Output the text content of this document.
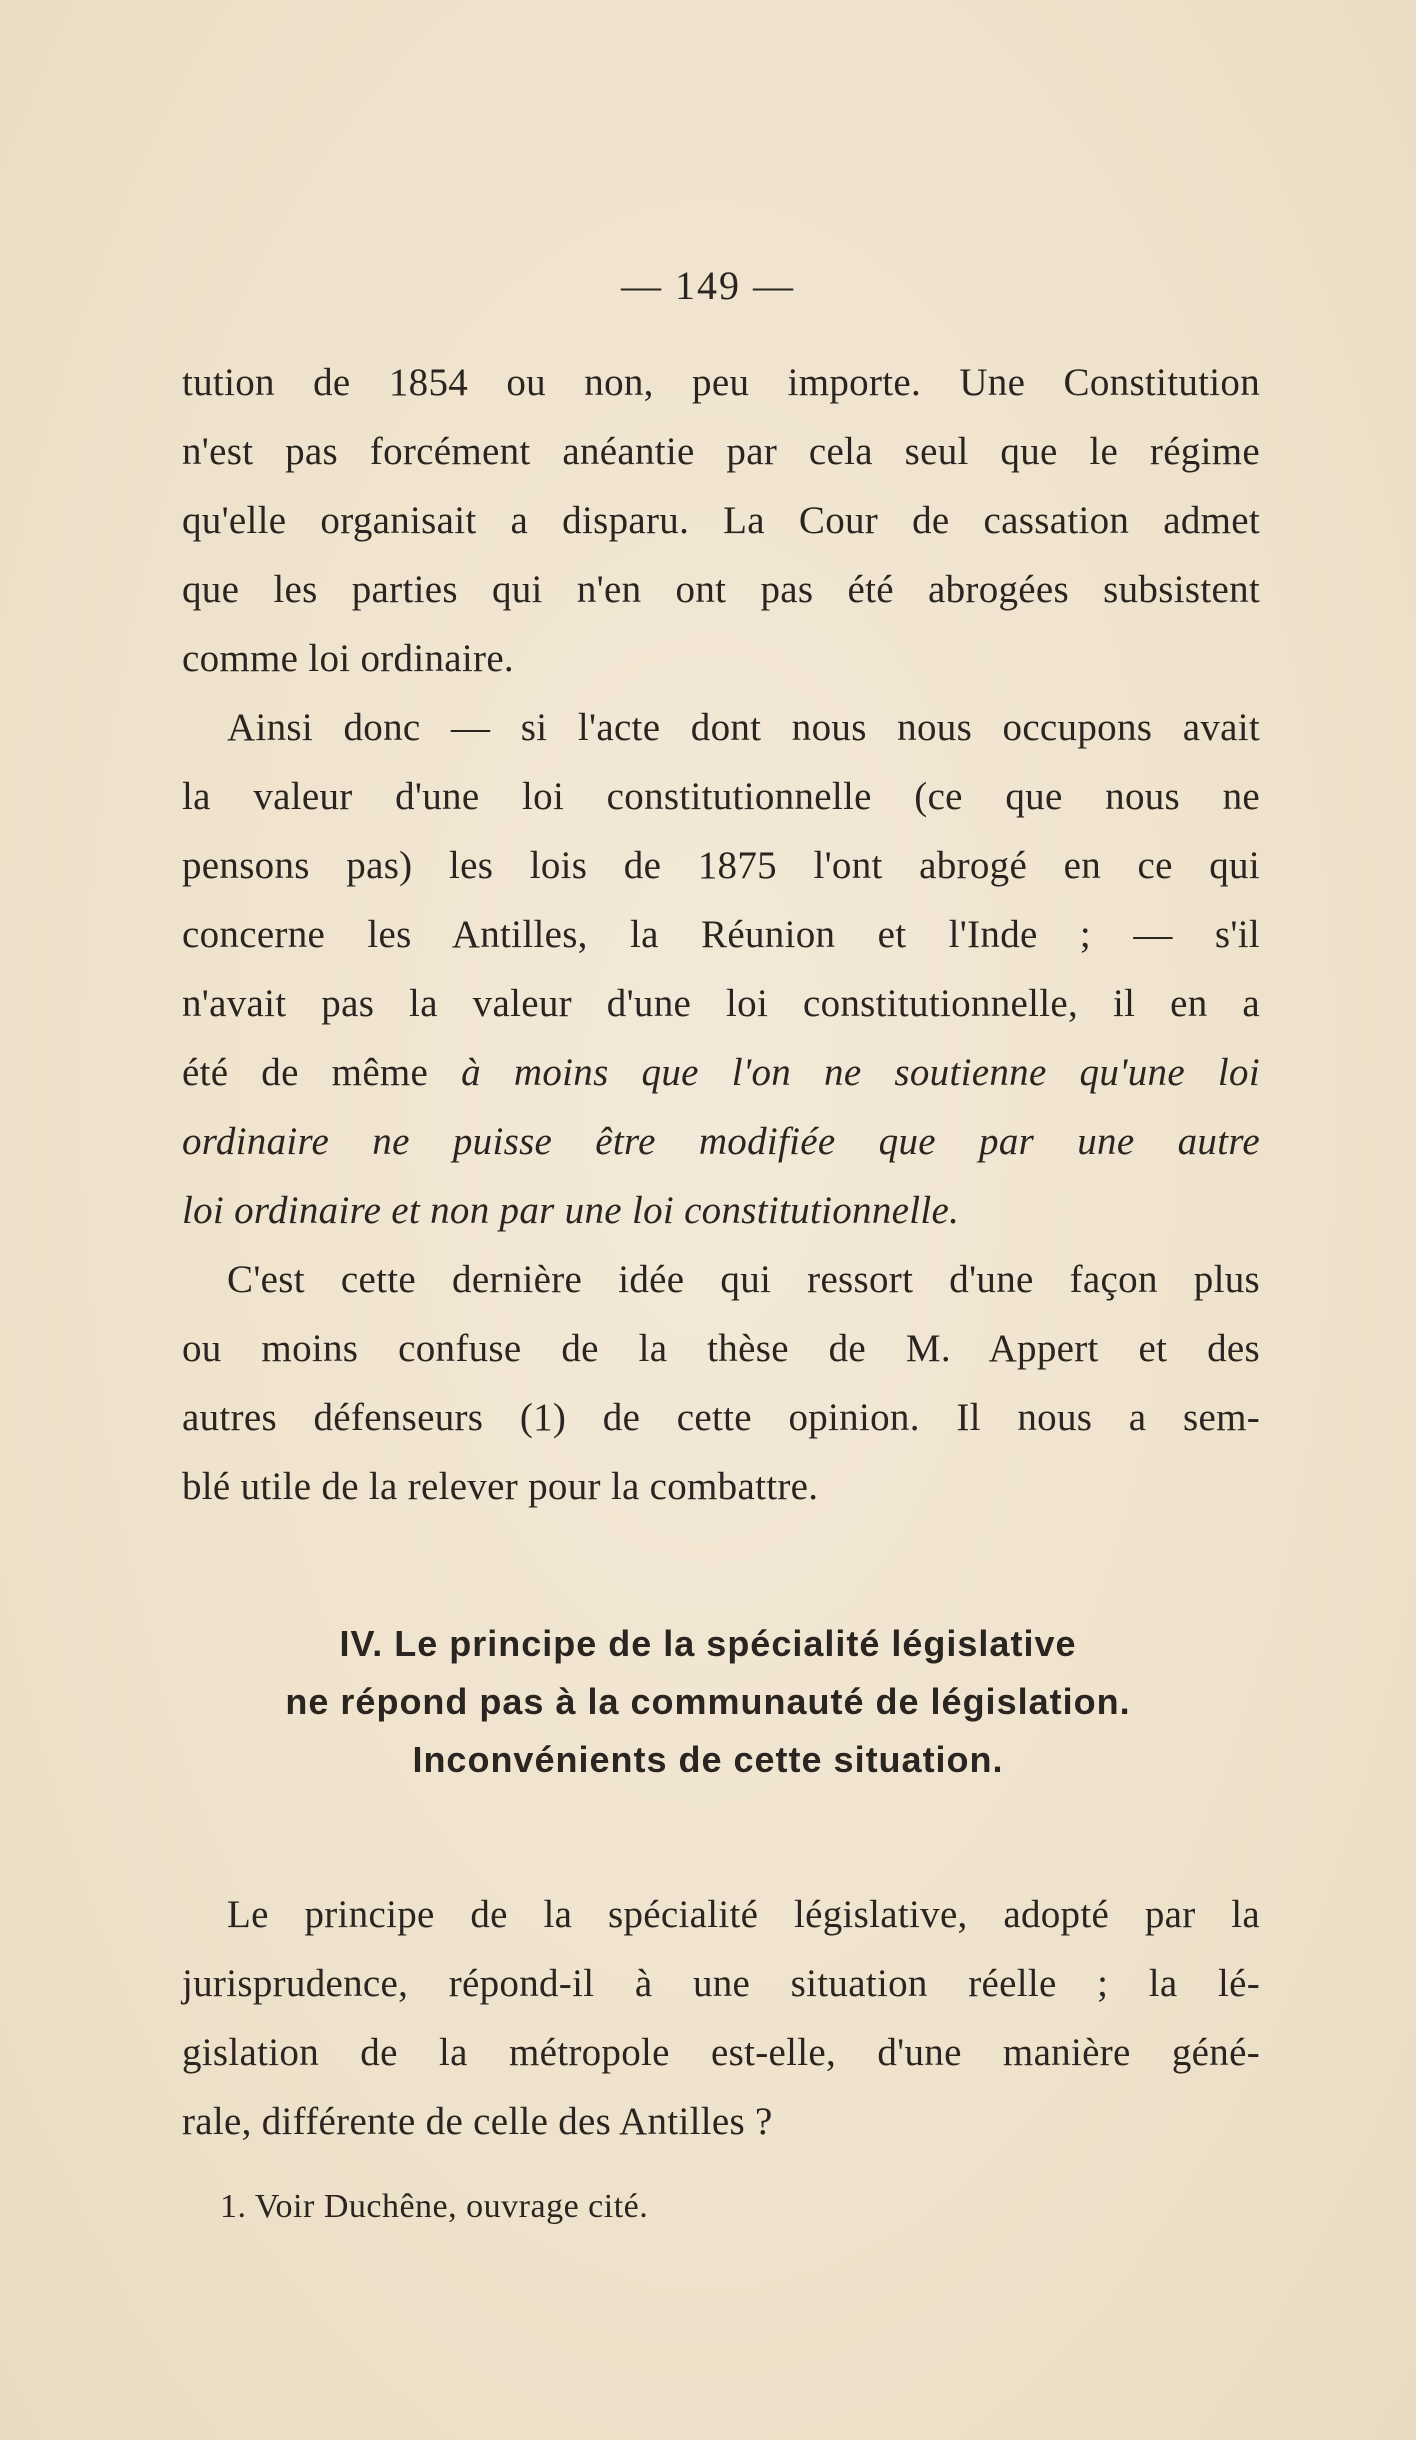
— 149 —
tution de 1854 ou non, peu importe. Une Constitution
n'est pas forcément anéantie par cela seul que le régime
qu'elle organisait a disparu. La Cour de cassation admet
que les parties qui n'en ont pas été abrogées subsistent
comme loi ordinaire.
Ainsi donc — si l'acte dont nous nous occupons avait
la valeur d'une loi constitutionnelle (ce que nous ne
pensons pas) les lois de 1875 l'ont abrogé en ce qui
concerne les Antilles, la Réunion et l'Inde ; — s'il
n'avait pas la valeur d'une loi constitutionnelle, il en a
été de même à moins que l'on ne soutienne qu'une loi
ordinaire ne puisse être modifiée que par une autre
loi ordinaire et non par une loi constitutionnelle.
C'est cette dernière idée qui ressort d'une façon plus
ou moins confuse de la thèse de M. Appert et des
autres défenseurs (1) de cette opinion. Il nous a sem-
blé utile de la relever pour la combattre.
IV. Le principe de la spécialité législative
ne répond pas à la communauté de législation.
Inconvénients de cette situation.
Le principe de la spécialité législative, adopté par la
jurisprudence, répond-il à une situation réelle ; la lé-
gislation de la métropole est-elle, d'une manière géné-
rale, différente de celle des Antilles ?
1. Voir Duchêne, ouvrage cité.
